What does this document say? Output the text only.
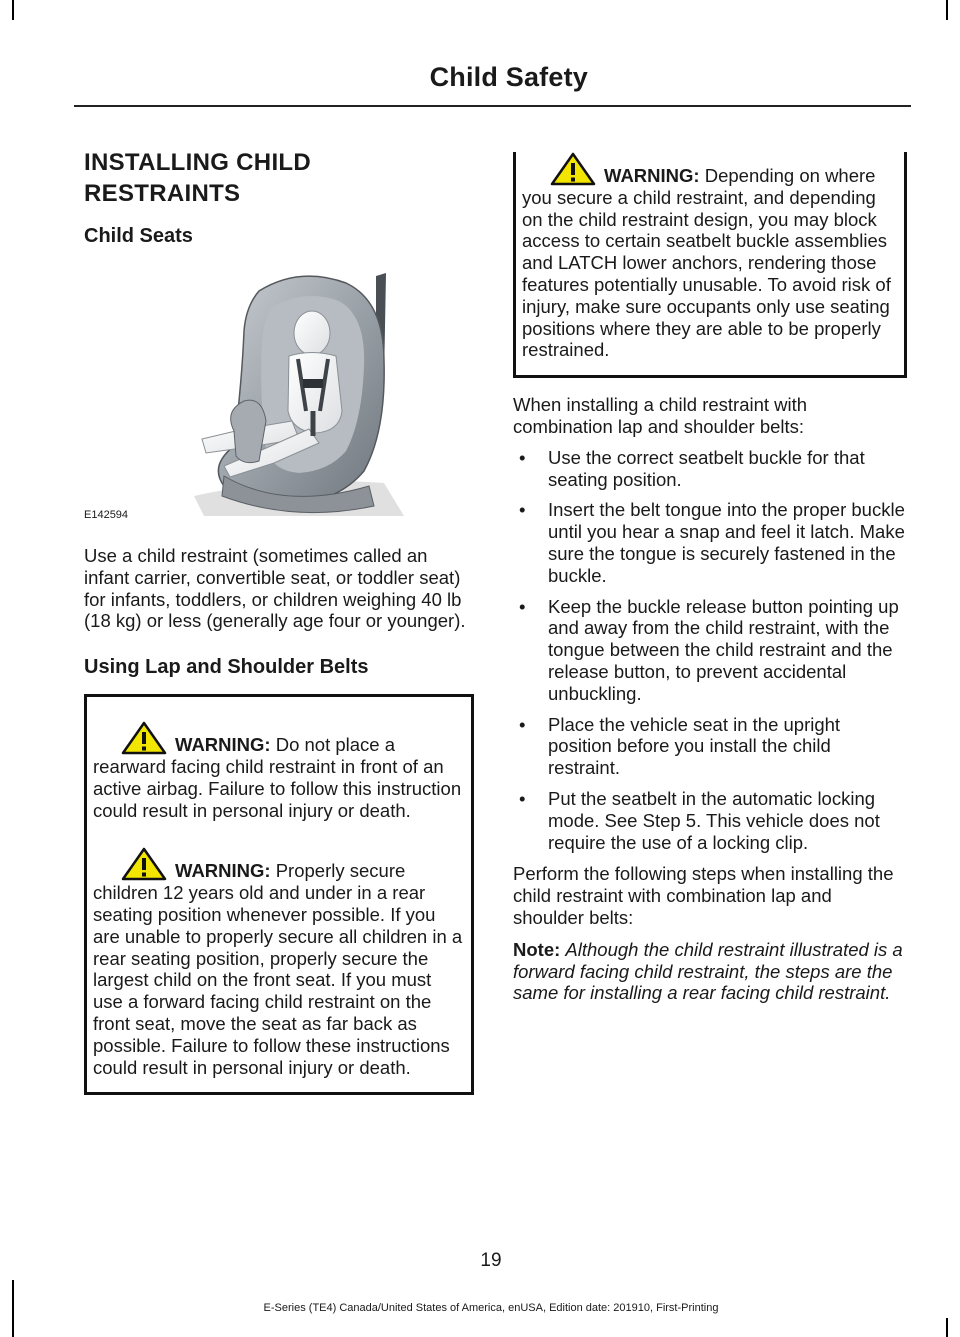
Child Safety
INSTALLING CHILD RESTRAINTS
Child Seats
E142594

Use a child restraint (sometimes called an infant carrier, convertible seat, or toddler seat) for infants, toddlers, or children weighing 40 lb (18 kg) or less (generally age four or younger).

Using Lap and Shoulder Belts

WARNING: Do not place a rearward facing child restraint in front of an active airbag. Failure to follow this instruction could result in personal injury or death.

WARNING: Properly secure children 12 years old and under in a rear seating position whenever possible. If you are unable to properly secure all children in a rear seating position, properly secure the largest child on the front seat. If you must use a forward facing child restraint on the front seat, move the seat as far back as possible. Failure to follow these instructions could result in personal injury or death.

WARNING: Depending on where you secure a child restraint, and depending on the child restraint design, you may block access to certain seatbelt buckle assemblies and LATCH lower anchors, rendering those features potentially unusable. To avoid risk of injury, make sure occupants only use seating positions where they are able to be properly restrained.

When installing a child restraint with combination lap and shoulder belts:

• Use the correct seatbelt buckle for that seating position.
• Insert the belt tongue into the proper buckle until you hear a snap and feel it latch. Make sure the tongue is securely fastened in the buckle.
• Keep the buckle release button pointing up and away from the child restraint, with the tongue between the child restraint and the release button, to prevent accidental unbuckling.
• Place the vehicle seat in the upright position before you install the child restraint.
• Put the seatbelt in the automatic locking mode. See Step 5. This vehicle does not require the use of a locking clip.

Perform the following steps when installing the child restraint with combination lap and shoulder belts:

Note: Although the child restraint illustrated is a forward facing child restraint, the steps are the same for installing a rear facing child restraint.

19
E-Series (TE4) Canada/United States of America, enUSA, Edition date: 201910, First-Printing
